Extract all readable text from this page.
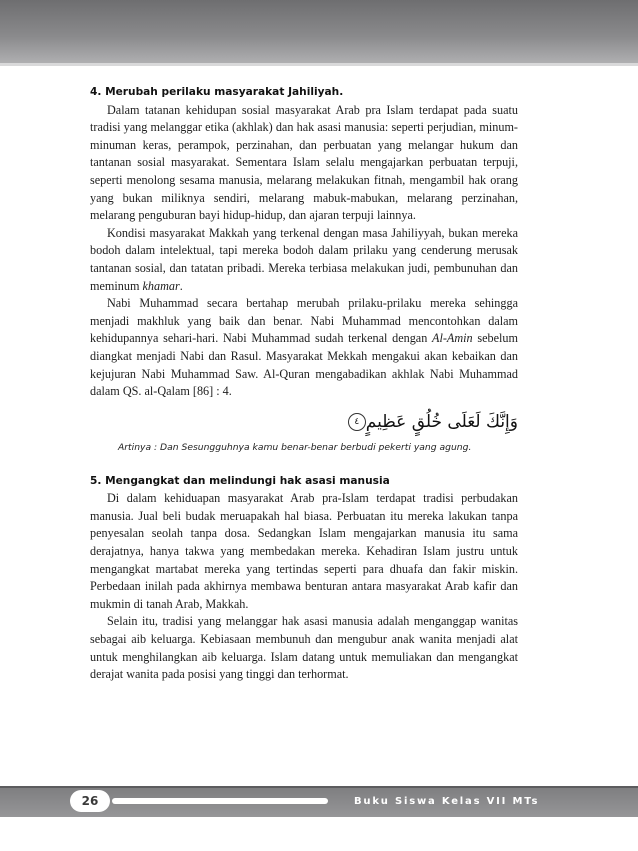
4. Merubah perilaku masyarakat Jahiliyah.

Dalam tatanan kehidupan sosial masyarakat Arab pra Islam terdapat pada suatu tradisi yang melanggar etika (akhlak) dan hak asasi manusia: seperti perjudian, minum-minuman keras, perampok, perzinahan, dan perbuatan yang melangar hukum dan tantanan sosial masyarakat. Sementara Islam selalu mengajarkan perbuatan terpuji, seperti menolong sesama manusia, melarang melakukan fitnah, mengambil hak orang yang bukan miliknya sendiri, melarang mabuk-mabukan, melarang perzinahan, melarang penguburan bayi hidup-hidup, dan ajaran terpuji lainnya.

Kondisi masyarakat Makkah yang terkenal dengan masa Jahiliyyah, bukan mereka bodoh dalam intelektual, tapi mereka bodoh dalam prilaku yang cenderung merusak tantanan sosial, dan tatatan pribadi. Mereka terbiasa melakukan judi, pembunuhan dan meminum khamar.

Nabi Muhammad secara bertahap merubah prilaku-prilaku mereka sehingga menjadi makhluk yang baik dan benar. Nabi Muhammad mencontohkan dalam kehidupannya sehari-hari. Nabi Muhammad sudah terkenal dengan Al-Amin sebelum diangkat menjadi Nabi dan Rasul. Masyarakat Mekkah mengakui akan kebaikan dan kejujuran Nabi Muhammad Saw. Al-Quran mengabadikan akhlak Nabi Muhammad dalam QS. al-Qalam [86] : 4.

وَإِنَّكَ لَعَلَى خُلُقٍ عَظِيمٍ٤
Artinya : Dan Sesungguhnya kamu benar-benar berbudi pekerti yang agung.
5. Mengangkat dan melindungi hak asasi manusia

Di dalam kehiduapan masyarakat Arab pra-Islam terdapat tradisi perbudakan manusia. Jual beli budak meruapakah hal biasa. Perbuatan itu mereka lakukan tanpa penyesalan seolah tanpa dosa. Sedangkan Islam mengajarkan manusia itu sama derajatnya, hanya takwa yang membedakan mereka. Kehadiran Islam justru untuk mengangkat martabat mereka yang tertindas seperti para dhuafa dan fakir miskin. Perbedaan inilah pada akhirnya membawa benturan antara masyarakat Arab kafir dan mukmin di tanah Arab, Makkah.

Selain itu, tradisi yang melanggar hak asasi manusia adalah menganggap wanitas sebagai aib keluarga. Kebiasaan membunuh dan mengubur anak wanita menjadi alat untuk menghilangkan aib keluarga. Islam datang untuk memuliakan dan mengangkat derajat wanita pada posisi yang tinggi dan terhormat.

26	Buku Siswa Kelas VII MTs
